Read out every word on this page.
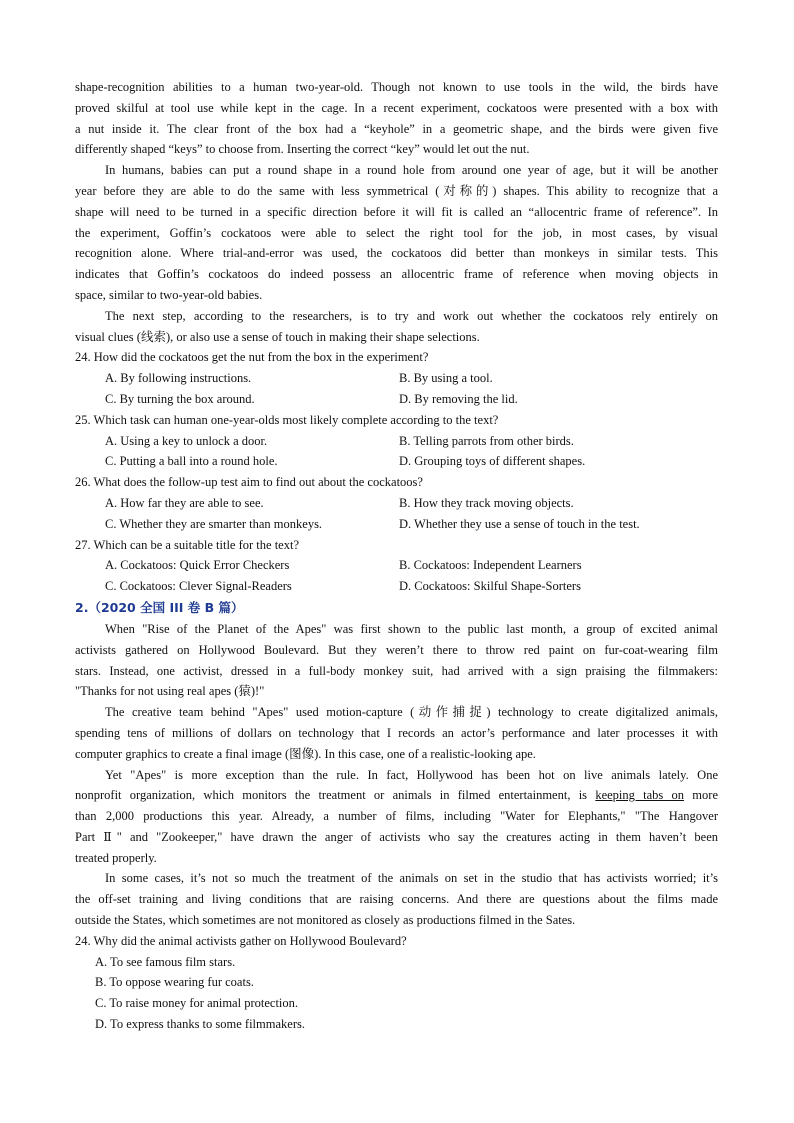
shape-recognition abilities to a human two-year-old. Though not known to use tools in the wild, the birds have
proved skilful at tool use while kept in the cage. In a recent experiment, cockatoos were presented with a box with
a nut inside it. The clear front of the box had a “keyhole” in a geometric shape, and the birds were given five
differently shaped “keys” to choose from. Inserting the correct “key” would let out the nut.
In humans, babies can put a round shape in a round hole from around one year of age, but it will be another
year before they are able to do the same with less symmetrical (对称的) shapes. This ability to recognize that a
shape will need to be turned in a specific direction before it will fit is called an “allocentric frame of reference”. In
the experiment, Goffin’s cockatoos were able to select the right tool for the job, in most cases, by visual
recognition alone. Where trial-and-error was used, the cockatoos did better than monkeys in similar tests. This
indicates that Goffin’s cockatoos do indeed possess an allocentric frame of reference when moving objects in
space, similar to two-year-old babies.
The next step, according to the researchers, is to try and work out whether the cockatoos rely entirely on
visual clues (线索), or also use a sense of touch in making their shape selections.

24. How did the cockatoos get the nut from the box in the experiment?

A. By following instructions.	B. By using a tool.
C. By turning the box around.	D. By removing the lid.

25. Which task can human one-year-olds most likely complete according to the text?

A. Using a key to unlock a door.	B. Telling parrots from other birds.
C. Putting a ball into a round hole.	D. Grouping toys of different shapes.

26. What does the follow-up test aim to find out about the cockatoos?

A. How far they are able to see.	B. How they track moving objects.
C. Whether they are smarter than monkeys.	D. Whether they use a sense of touch in the test.

27. Which can be a suitable title for the text?

A. Cockatoos: Quick Error Checkers	B. Cockatoos: Independent Learners
C. Cockatoos: Clever Signal-Readers	D. Cockatoos: Skilful Shape-Sorters

2.（2020 全国 III 卷 B 篇）

When "Rise of the Planet of the Apes" was first shown to the public last month, a group of excited animal
activists gathered on Hollywood Boulevard. But they weren’t there to throw red paint on fur-coat-wearing film
stars. Instead, one activist, dressed in a full-body monkey suit, had arrived with a sign praising the filmmakers:
"Thanks for not using real apes (猿)!"
The creative team behind "Apes" used motion-capture (动作捕捉) technology to create digitalized animals,
spending tens of millions of dollars on technology that I records an actor’s performance and later processes it with
computer graphics to create a final image (图像). In this case, one of a realistic-looking ape.
Yet "Apes" is more exception than the rule. In fact, Hollywood has been hot on live animals lately. One
nonprofit organization, which monitors the treatment or animals in filmed entertainment, is keeping tabs on more
than 2,000 productions this year. Already, a number of films, including "Water for Elephants," "The Hangover
Part Ⅱ" and "Zookeeper," have drawn the anger of activists who say the creatures acting in them haven’t been
treated properly.
In some cases, it’s not so much the treatment of the animals on set in the studio that has activists worried; it’s
the off-set training and living conditions that are raising concerns. And there are questions about the films made
outside the States, which sometimes are not monitored as closely as productions filmed in the Sates.

24. Why did the animal activists gather on Hollywood Boulevard?

A. To see famous film stars.
B. To oppose wearing fur coats.
C. To raise money for animal protection.
D. To express thanks to some filmmakers.
